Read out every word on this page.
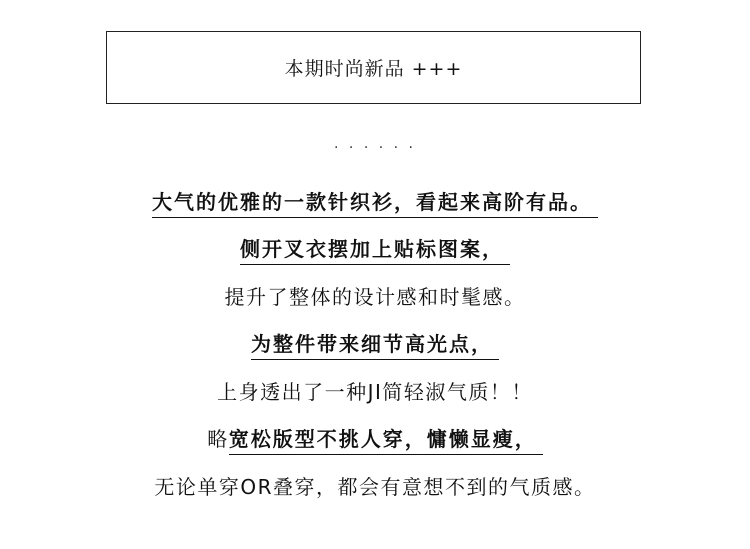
本期时尚新品 +++
· · · · · ·
大气的优雅的一款针织衫，看起来高阶有品。
侧开叉衣摆加上贴标图案，
提升了整体的设计感和时髦感。
为整件带来细节高光点，
上身透出了一种JI简轻淑气质！！
略宽松版型不挑人穿，慵懒显瘦，
无论单穿OR叠穿，都会有意想不到的气质感。
